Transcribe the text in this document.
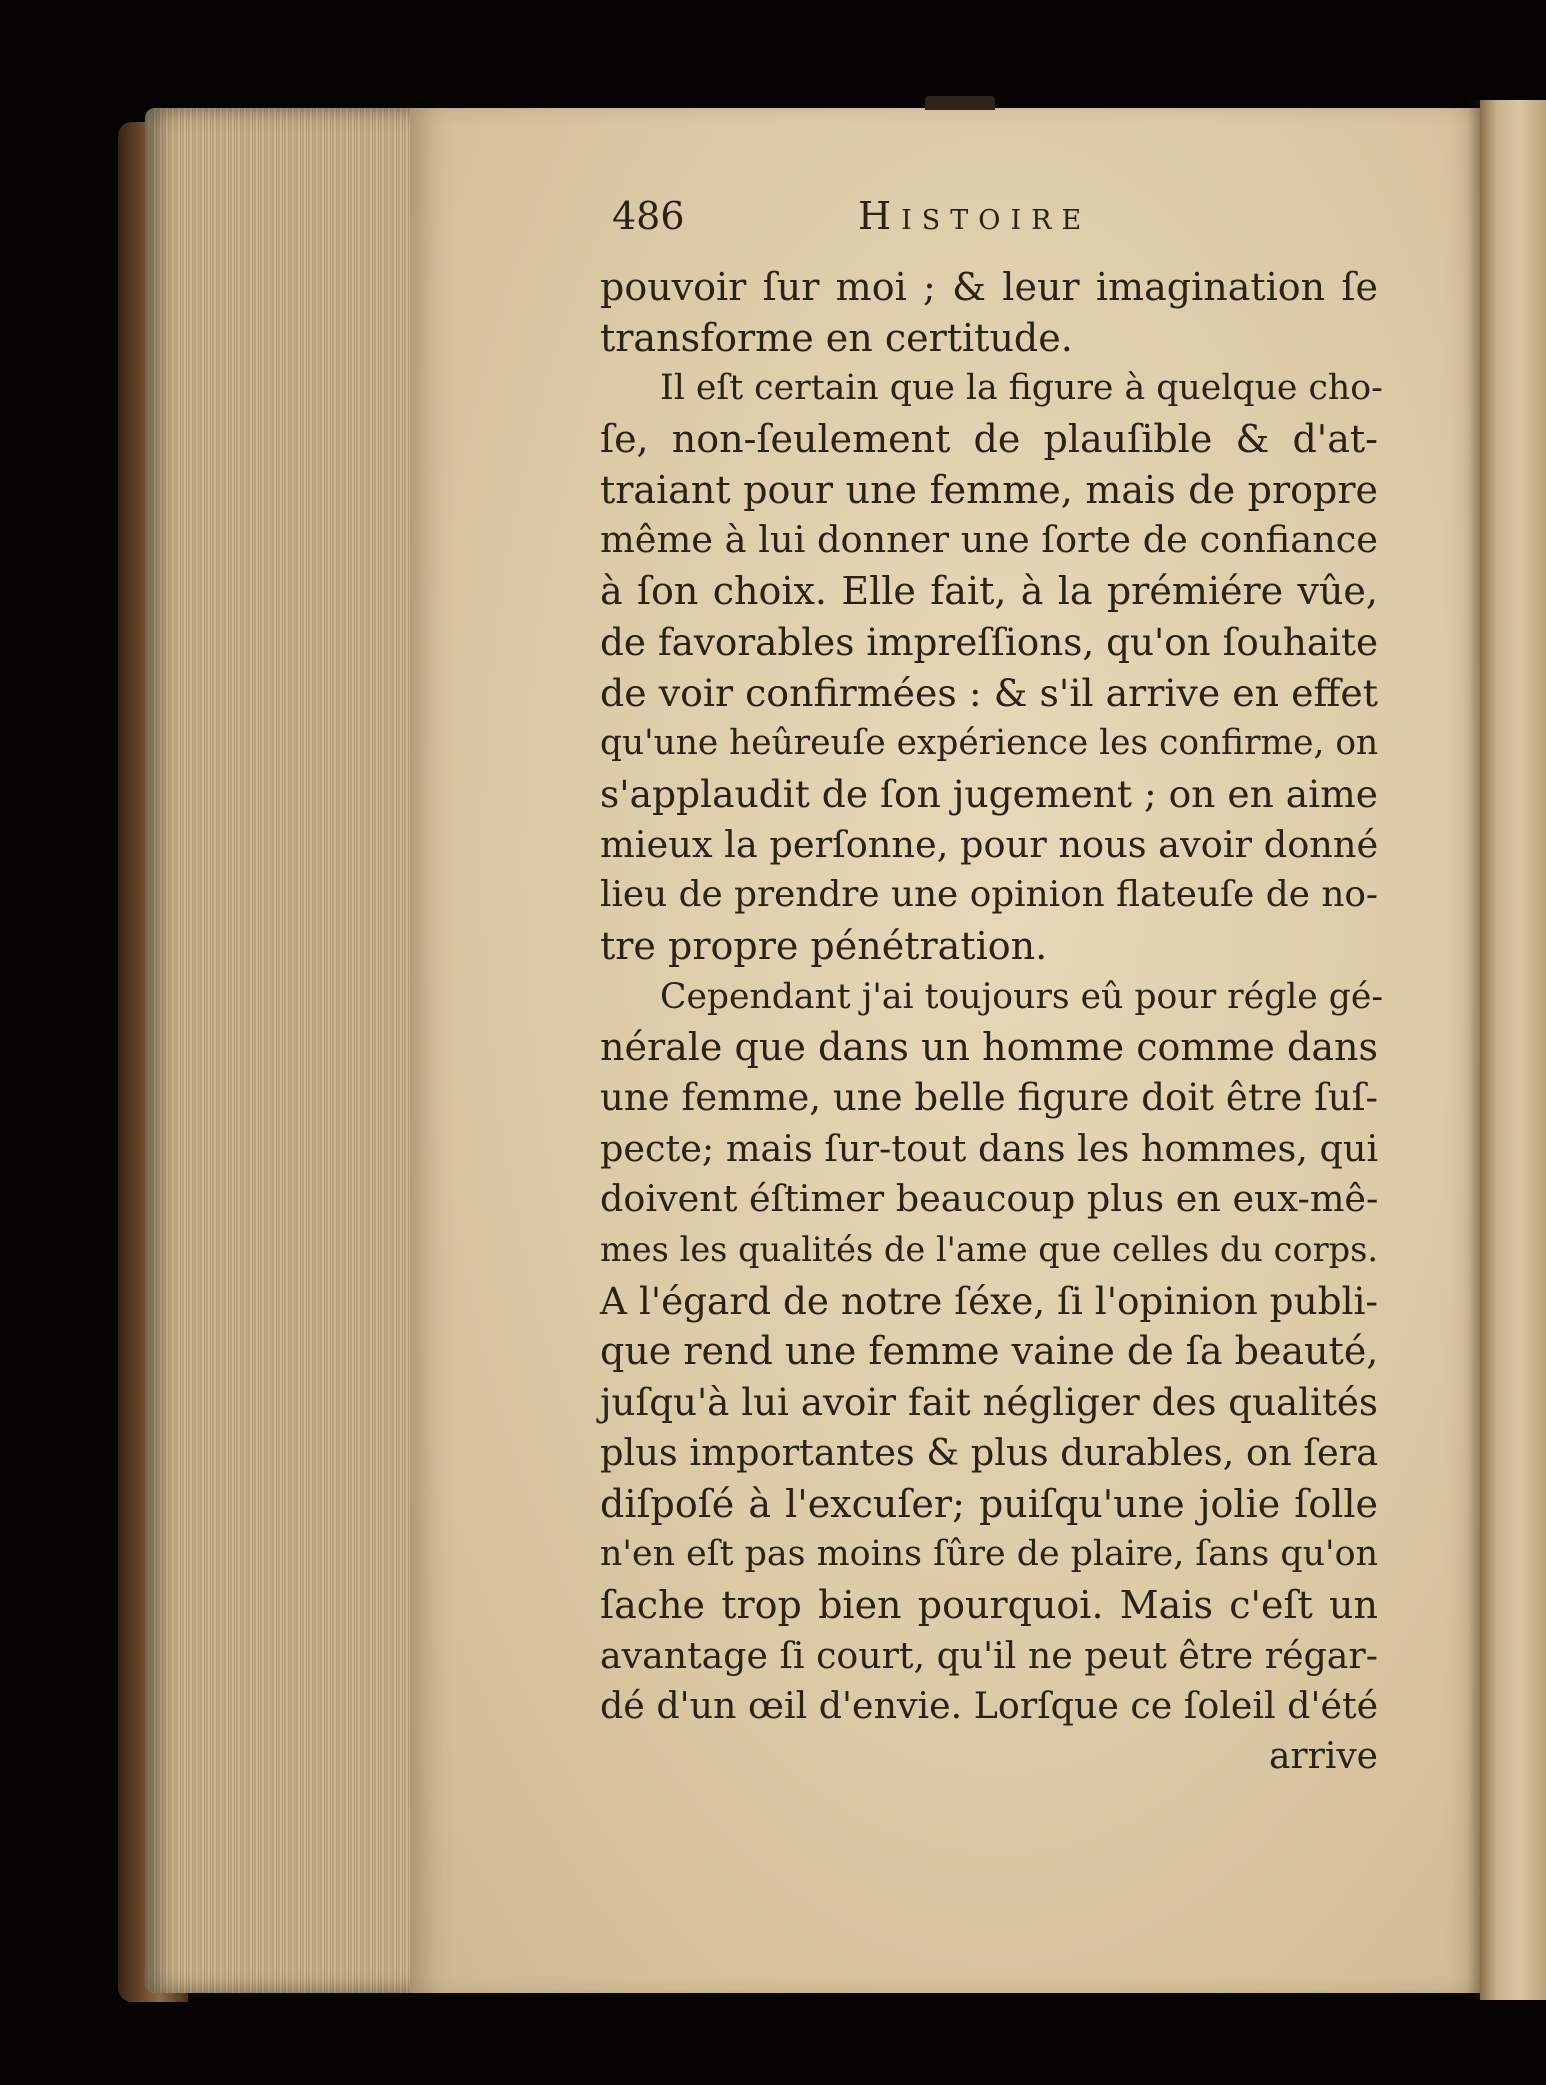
486	Histoire
pouvoir ſur moi ; & leur imagination ſe
transforme en certitude.
Il eſt certain que la figure à quelque cho-
ſe, non-ſeulement de plauſible & d'at-
traiant pour une femme, mais de propre
même à lui donner une ſorte de confiance
à ſon choix. Elle fait, à la prémiére vûe,
de favorables impreſſions, qu'on ſouhaite
de voir confirmées : & s'il arrive en effet
qu'une heûreuſe expérience les confirme, on
s'applaudit de ſon jugement ; on en aime
mieux la perſonne, pour nous avoir donné
lieu de prendre une opinion flateuſe de no-
tre propre pénétration.
Cependant j'ai toujours eû pour régle gé-
nérale que dans un homme comme dans
une femme, une belle figure doit être ſuſ-
pecte; mais ſur-tout dans les hommes, qui
doivent éſtimer beaucoup plus en eux-mê-
mes les qualités de l'ame que celles du corps.
A l'égard de notre ſéxe, ſi l'opinion publi-
que rend une femme vaine de ſa beauté,
juſqu'à lui avoir fait négliger des qualités
plus importantes & plus durables, on ſera
diſpoſé à l'excuſer; puiſqu'une jolie ſolle
n'en eſt pas moins ſûre de plaire, ſans qu'on
ſache trop bien pourquoi. Mais c'eſt un
avantage ſi court, qu'il ne peut être régar-
dé d'un œil d'envie. Lorſque ce ſoleil d'été
arrive
